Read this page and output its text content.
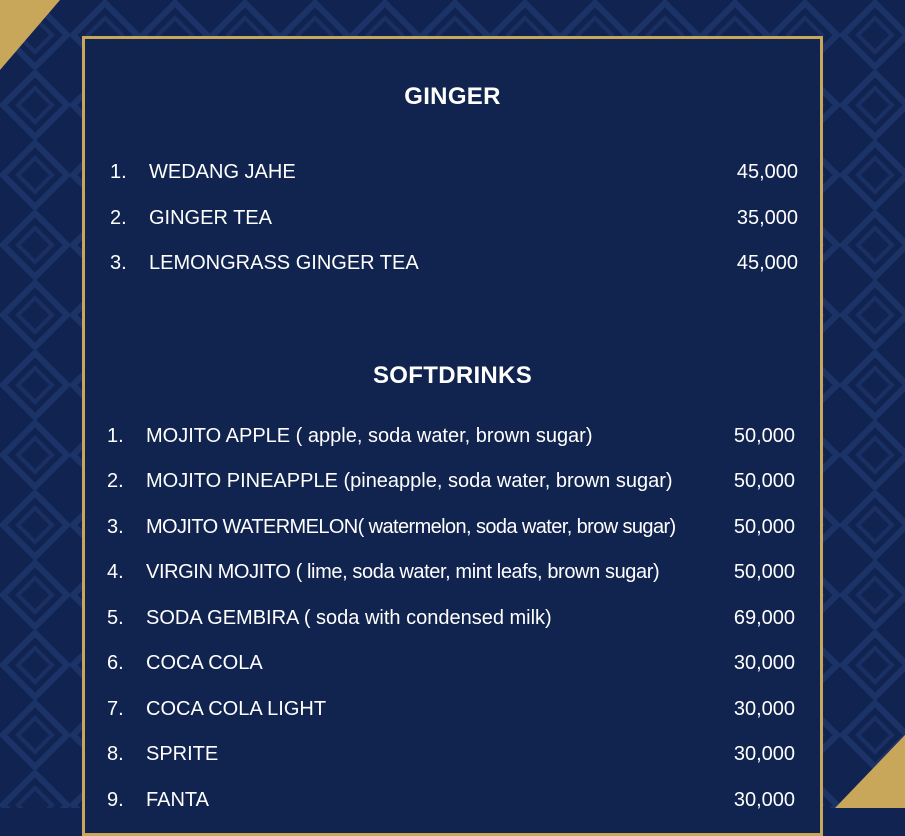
GINGER
1. WEDANG JAHE	45,000
2. GINGER TEA	35,000
3. LEMONGRASS GINGER TEA	45,000
SOFTDRINKS
1. MOJITO APPLE ( apple, soda water, brown sugar)	50,000
2. MOJITO PINEAPPLE (pineapple, soda water, brown sugar)	50,000
3. MOJITO WATERMELON( watermelon, soda water, brow sugar)	50,000
4. VIRGIN MOJITO ( lime, soda water, mint leafs, brown sugar)	50,000
5. SODA GEMBIRA ( soda with condensed milk)	69,000
6. COCA COLA	30,000
7. COCA COLA LIGHT	30,000
8. SPRITE	30,000
9. FANTA	30,000
